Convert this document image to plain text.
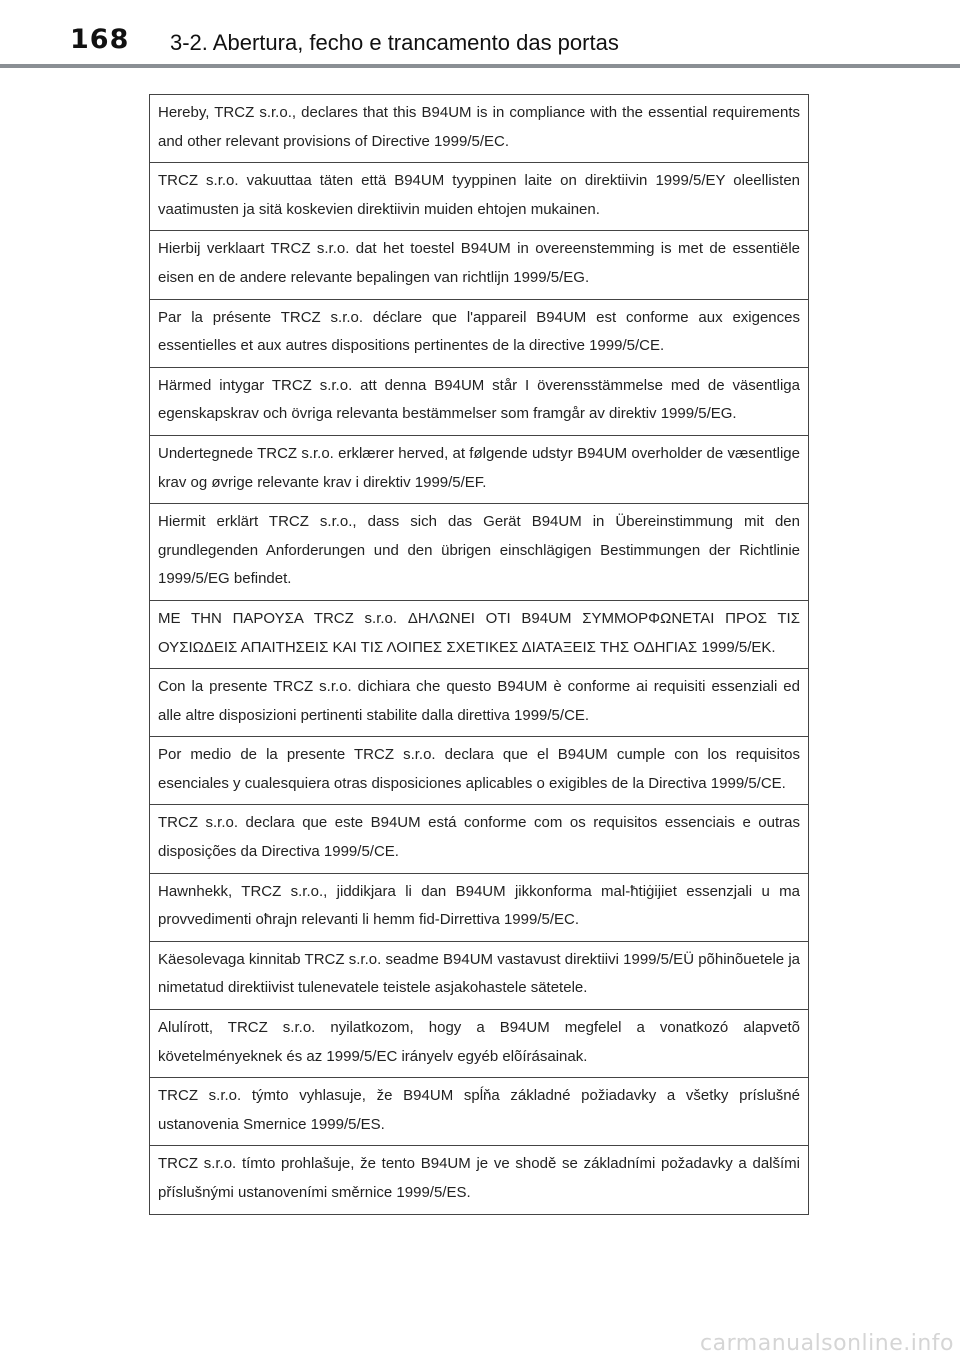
168 3-2. Abertura, fecho e trancamento das portas
Hereby, TRCZ s.r.o., declares that this B94UM is in compliance with the essential requirements and other relevant provisions of Directive 1999/5/EC.
TRCZ s.r.o. vakuuttaa täten että B94UM tyyppinen laite on direktiivin 1999/5/EY oleellisten vaatimusten ja sitä koskevien direktiivin muiden ehtojen mukainen.
Hierbij verklaart TRCZ s.r.o. dat het toestel B94UM in overeenstemming is met de essentiële eisen en de andere relevante bepalingen van richtlijn 1999/5/EG.
Par la présente TRCZ s.r.o. déclare que l'appareil B94UM est conforme aux exigences essentielles et aux autres dispositions pertinentes de la directive 1999/5/CE.
Härmed intygar TRCZ s.r.o. att denna B94UM står I överensstämmelse med de väsentliga egenskapskrav och övriga relevanta bestämmelser som framgår av direktiv 1999/5/EG.
Undertegnede TRCZ s.r.o. erklærer herved, at følgende udstyr B94UM overholder de væsentlige krav og øvrige relevante krav i direktiv 1999/5/EF.
Hiermit erklärt TRCZ s.r.o., dass sich das Gerät B94UM in Übereinstimmung mit den grundlegenden Anforderungen und den übrigen einschlägigen Bestimmungen der Richtlinie 1999/5/EG befindet.
ΜΕ ΤΗΝ ΠΑΡΟΥΣΑ TRCZ s.r.o. ΔΗΛΩΝΕΙ ΟΤΙ B94UM ΣΥΜΜΟΡΦΩΝΕΤΑΙ ΠΡΟΣ ΤΙΣ ΟΥΣΙΩΔΕΙΣ ΑΠΑΙΤΗΣΕΙΣ ΚΑΙ ΤΙΣ ΛΟΙΠΕΣ ΣΧΕΤΙΚΕΣ ΔΙΑΤΑΞΕΙΣ ΤΗΣ ΟΔΗΓΙΑΣ 1999/5/ΕΚ.
Con la presente TRCZ s.r.o. dichiara che questo B94UM è conforme ai requisiti essenziali ed alle altre disposizioni pertinenti stabilite dalla direttiva 1999/5/CE.
Por medio de la presente TRCZ s.r.o. declara que el B94UM cumple con los requisitos esenciales y cualesquiera otras disposiciones aplicables o exigibles de la Directiva 1999/5/CE.
TRCZ s.r.o. declara que este B94UM está conforme com os requisitos essenciais e outras disposições da Directiva 1999/5/CE.
Hawnhekk, TRCZ s.r.o., jiddikjara li dan B94UM jikkonforma mal-ħtiġijiet essenzjali u ma provvedimenti oħrajn relevanti li hemm fid-Dirrettiva 1999/5/EC.
Käesolevaga kinnitab TRCZ s.r.o. seadme B94UM vastavust direktiivi 1999/5/EÜ põhinõuetele ja nimetatud direktiivist tulenevatele teistele asjakohastele sätetele.
Alulírott, TRCZ s.r.o. nyilatkozom, hogy a B94UM megfelel a vonatkozó alapvetõ követelményeknek és az 1999/5/EC irányelv egyéb elõírásainak.
TRCZ s.r.o. týmto vyhlasuje, že B94UM spĺňa základné požiadavky a všetky príslušné ustanovenia Smernice 1999/5/ES.
TRCZ s.r.o. tímto prohlašuje, že tento B94UM je ve shodě se základními požadavky a dalšími příslušnými ustanoveními směrnice 1999/5/ES.
carmanualsonline.info
